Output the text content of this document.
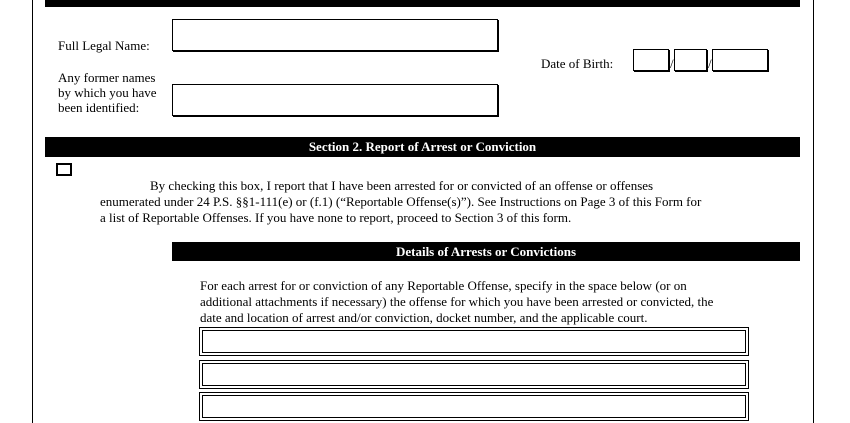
Full Legal Name:
Any former names
by which you have
been identified:
Date of Birth:	/	/
Section 2. Report of Arrest or Conviction
By checking this box, I report that I have been arrested for or convicted of an offense or offenses
enumerated under 24 P.S. §§1-111(e) or (f.1) (“Reportable Offense(s)”). See Instructions on Page 3 of this Form for
a list of Reportable Offenses. If you have none to report, proceed to Section 3 of this form.
Details of Arrests or Convictions
For each arrest for or conviction of any Reportable Offense, specify in the space below (or on
additional attachments if necessary) the offense for which you have been arrested or convicted, the
date and location of arrest and/or conviction, docket number, and the applicable court.
